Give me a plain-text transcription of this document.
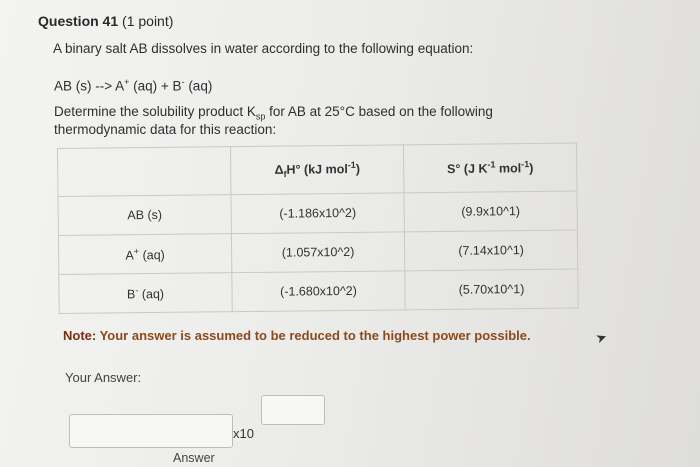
Question 41 (1 point)
A binary salt AB dissolves in water according to the following equation:
AB (s) --> A+ (aq) + B- (aq)
Determine the solubility product $K_{sp}$ for AB at 25°C based on the following
thermodynamic data for this reaction:
	$\Delta_fH^\circ$ (kJ mol$^{-1}$)	S° (J $K^{-1}$ mol$^{-1}$)
AB (s)	(-1.186x10^2)	(9.9x10^1)
A+ (aq)	(1.057x10^2)	(7.14x10^1)
B- (aq)	(-1.680x10^2)	(5.70x10^1)
Note: Your answer is assumed to be reduced to the highest power possible.	➤
Your Answer:
x10
Answer
